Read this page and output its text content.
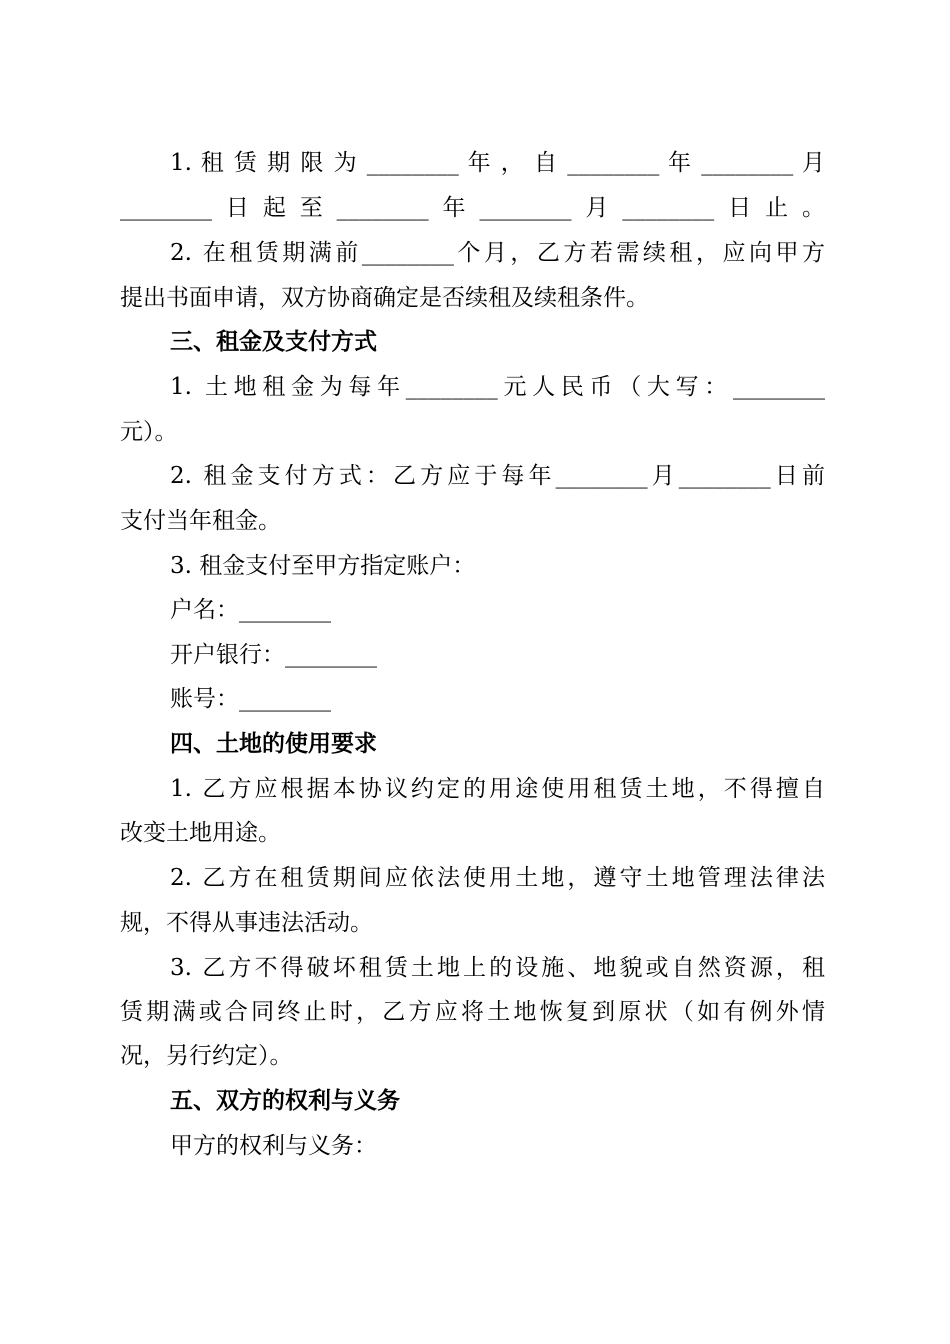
1. 租 赁 期 限 为 ________ 年 ， 自 ________ 年 ________ 月
________日起至________年________月________日止。
2. 在租赁期满前________个月，乙方若需续租，应向甲方
提出书面申请，双方协商确定是否续租及续租条件。
三、租金及支付方式
1. 土地租金为每年________元人民币（大写：________
元）。
2. 租金支付方式：乙方应于每年________月________日前
支付当年租金。
3. 租金支付至甲方指定账户：
户名：________
开户银行：________
账号：________
四、土地的使用要求
1. 乙方应根据本协议约定的用途使用租赁土地，不得擅自
改变土地用途。
2. 乙方在租赁期间应依法使用土地，遵守土地管理法律法
规，不得从事违法活动。
3. 乙方不得破坏租赁土地上的设施、地貌或自然资源，租
赁期满或合同终止时，乙方应将土地恢复到原状（如有例外情
况，另行约定）。
五、双方的权利与义务
甲方的权利与义务：
